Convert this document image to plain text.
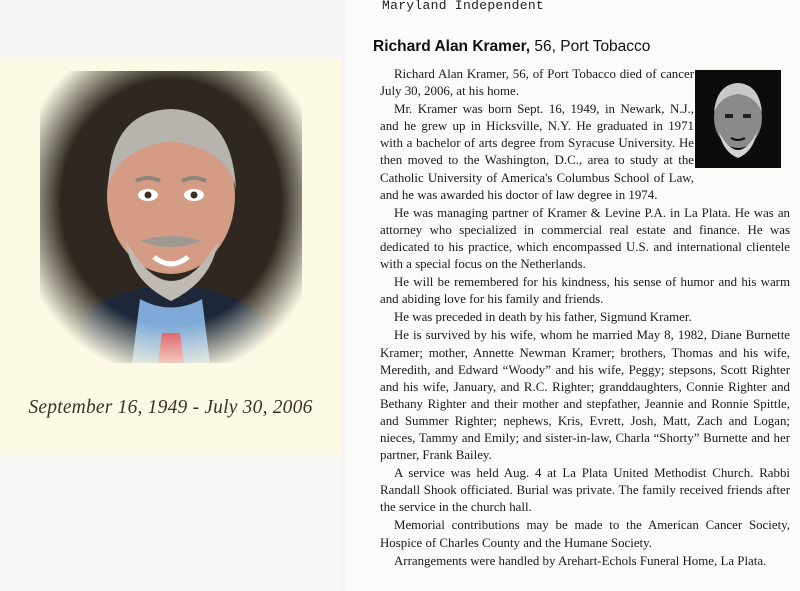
September 16, 1949 - July 30, 2006
Maryland Independent
Richard Alan Kramer, 56, Port Tobacco

Richard Alan Kramer, 56, of Port Tobacco died of cancer July 30, 2006, at his home.

Mr. Kramer was born Sept. 16, 1949, in Newark, N.J., and he grew up in Hicksville, N.Y. He graduated in 1971 with a bachelor of arts degree from Syracuse University. He then moved to the Washington, D.C., area to study at the Catholic University of America's Columbus School of Law, and he was awarded his doctor of law degree in 1974.

He was managing partner of Kramer & Levine P.A. in La Plata. He was an attorney who specialized in commercial real estate and finance. He was dedicated to his practice, which encompassed U.S. and international clientele with a special focus on the Netherlands.

He will be remembered for his kindness, his sense of humor and his warm and abiding love for his family and friends.

He was preceded in death by his father, Sigmund Kramer.

He is survived by his wife, whom he married May 8, 1982, Diane Burnette Kramer; mother, Annette Newman Kramer; brothers, Thomas and his wife, Meredith, and Edward “Woody” and his wife, Peggy; stepsons, Scott Righter and his wife, January, and R.C. Righter; granddaughters, Connie Righter and Bethany Righter and their mother and stepfather, Jeannie and Ronnie Spittle, and Summer Righter; nephews, Kris, Evrett, Josh, Matt, Zach and Logan; nieces, Tammy and Emily; and sister-in-law, Charla “Shorty” Burnette and her partner, Frank Bailey.

A service was held Aug. 4 at La Plata United Methodist Church. Rabbi Randall Shook officiated. Burial was private. The family received friends after the service in the church hall.

Memorial contributions may be made to the American Cancer Society, Hospice of Charles County and the Humane Society.

Arrangements were handled by Arehart-Echols Funeral Home, La Plata.
